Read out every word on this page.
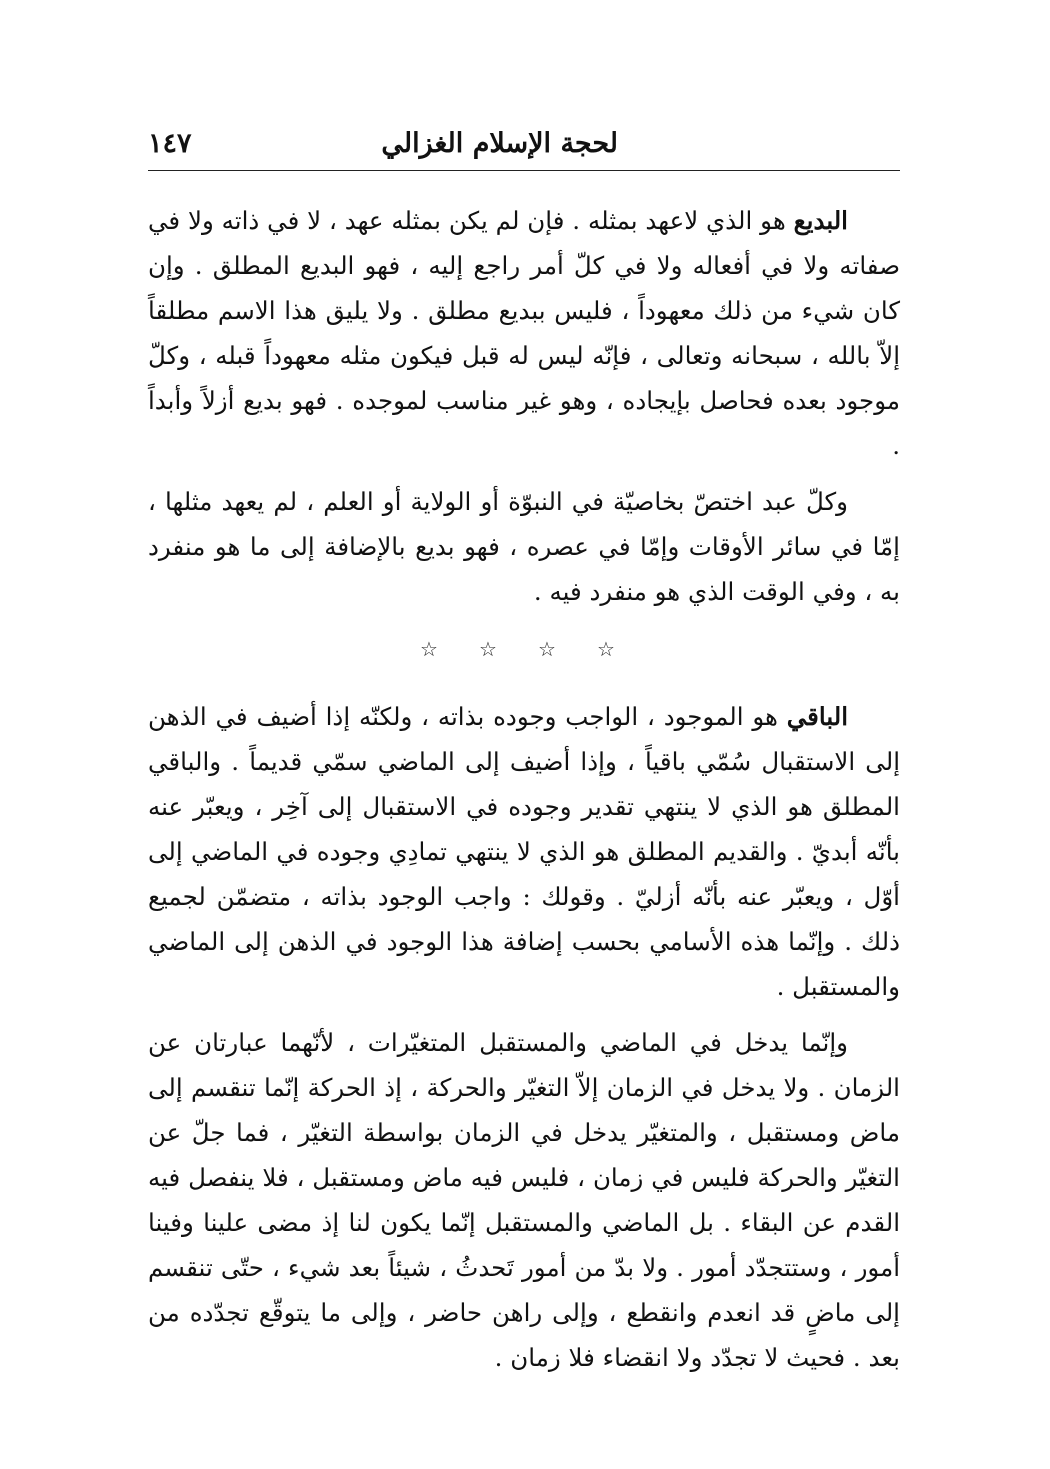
لحجة الإسلام الغزالي
١٤٧

البديع هو الذي لاعهد بمثله . فإن لم يكن بمثله عهد ، لا في ذاته ولا في صفاته ولا في أفعاله ولا في كلّ أمر راجع إليه ، فهو البديع المطلق . وإن كان شيء من ذلك معهوداً ، فليس ببديع مطلق . ولا يليق هذا الاسم مطلقاً إلاّ بالله ، سبحانه وتعالى ، فإنّه ليس له قبل فيكون مثله معهوداً قبله ، وكلّ موجود بعده فحاصل بإيجاده ، وهو غير مناسب لموجده . فهو بديع أزلاً وأبداً .

وكلّ عبد اختصّ بخاصيّة في النبوّة أو الولاية أو العلم ، لم يعهد مثلها ، إمّا في سائر الأوقات وإمّا في عصره ، فهو بديع بالإضافة إلى ما هو منفرد به ، وفي الوقت الذي هو منفرد فيه .

☆ ☆ ☆ ☆

الباقي هو الموجود ، الواجب وجوده بذاته ، ولكنّه إذا أضيف في الذهن إلى الاستقبال سُمّي باقياً ، وإذا أضيف إلى الماضي سمّي قديماً . والباقي المطلق هو الذي لا ينتهي تقدير وجوده في الاستقبال إلى آخِر ، ويعبّر عنه بأنّه أبديّ . والقديم المطلق هو الذي لا ينتهي تمادِي وجوده في الماضي إلى أوّل ، ويعبّر عنه بأنّه أزليّ . وقولك : واجب الوجود بذاته ، متضمّن لجميع ذلك . وإنّما هذه الأسامي بحسب إضافة هذا الوجود في الذهن إلى الماضي والمستقبل .

وإنّما يدخل في الماضي والمستقبل المتغيّرات ، لأنّهما عبارتان عن الزمان . ولا يدخل في الزمان إلاّ التغيّر والحركة ، إذ الحركة إنّما تنقسم إلى ماض ومستقبل ، والمتغيّر يدخل في الزمان بواسطة التغيّر ، فما جلّ عن التغيّر والحركة فليس في زمان ، فليس فيه ماض ومستقبل ، فلا ينفصل فيه القدم عن البقاء . بل الماضي والمستقبل إنّما يكون لنا إذ مضى علينا وفينا أمور ، وستتجدّد أمور . ولا بدّ من أمور تَحدثُ ، شيئاً بعد شيء ، حتّى تنقسم إلى ماضٍ قد انعدم وانقطع ، وإلى راهن حاضر ، وإلى ما يتوقّع تجدّده من بعد . فحيث لا تجدّد ولا انقضاء فلا زمان .
